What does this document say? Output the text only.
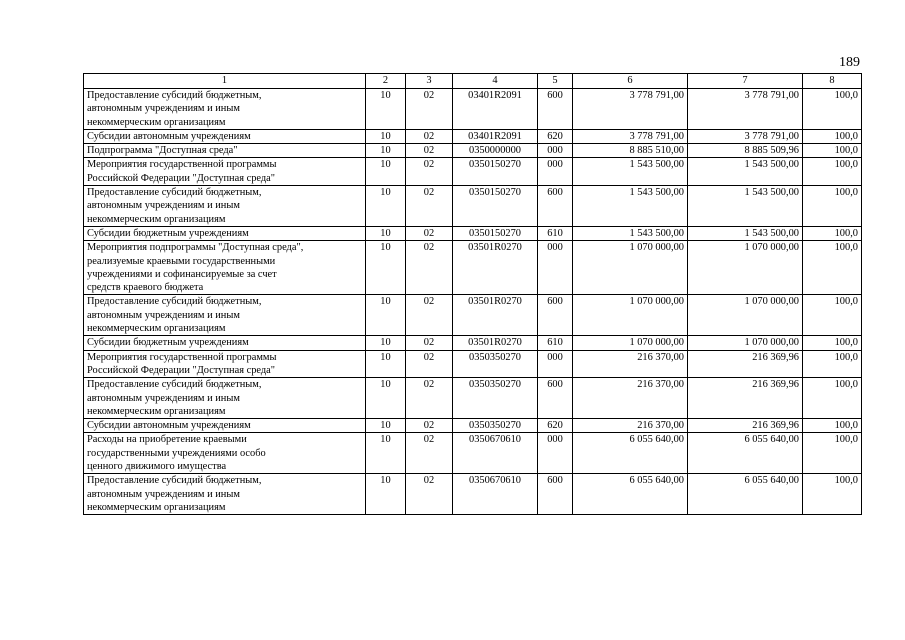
189
1	2	3	4	5	6	7	8

Предоставление субсидий бюджетным,
автономным учреждениям и иным
некоммерческим организациям	10	02	03401R2091	600	3 778 791,00	3 778 791,00	100,0

Субсидии автономным учреждениям	10	02	03401R2091	620	3 778 791,00	3 778 791,00	100,0

Подпрограмма "Доступная среда"	10	02	0350000000	000	8 885 510,00	8 885 509,96	100,0

Мероприятия государственной программы
Российской Федерации "Доступная среда"	10	02	0350150270	000	1 543 500,00	1 543 500,00	100,0

Предоставление субсидий бюджетным,
автономным учреждениям и иным
некоммерческим организациям	10	02	0350150270	600	1 543 500,00	1 543 500,00	100,0

Субсидии бюджетным учреждениям	10	02	0350150270	610	1 543 500,00	1 543 500,00	100,0

Мероприятия подпрограммы "Доступная среда",
реализуемые краевыми государственными
учреждениями и софинансируемые за счет
средств краевого бюджета	10	02	03501R0270	000	1 070 000,00	1 070 000,00	100,0

Предоставление субсидий бюджетным,
автономным учреждениям и иным
некоммерческим организациям	10	02	03501R0270	600	1 070 000,00	1 070 000,00	100,0

Субсидии бюджетным учреждениям	10	02	03501R0270	610	1 070 000,00	1 070 000,00	100,0

Мероприятия государственной программы
Российской Федерации "Доступная среда"	10	02	0350350270	000	216 370,00	216 369,96	100,0

Предоставление субсидий бюджетным,
автономным учреждениям и иным
некоммерческим организациям	10	02	0350350270	600	216 370,00	216 369,96	100,0

Субсидии автономным учреждениям	10	02	0350350270	620	216 370,00	216 369,96	100,0

Расходы на приобретение краевыми
государственными учреждениями особо
ценного движимого имущества	10	02	0350670610	000	6 055 640,00	6 055 640,00	100,0

Предоставление субсидий бюджетным,
автономным учреждениям и иным
некоммерческим организациям	10	02	0350670610	600	6 055 640,00	6 055 640,00	100,0
